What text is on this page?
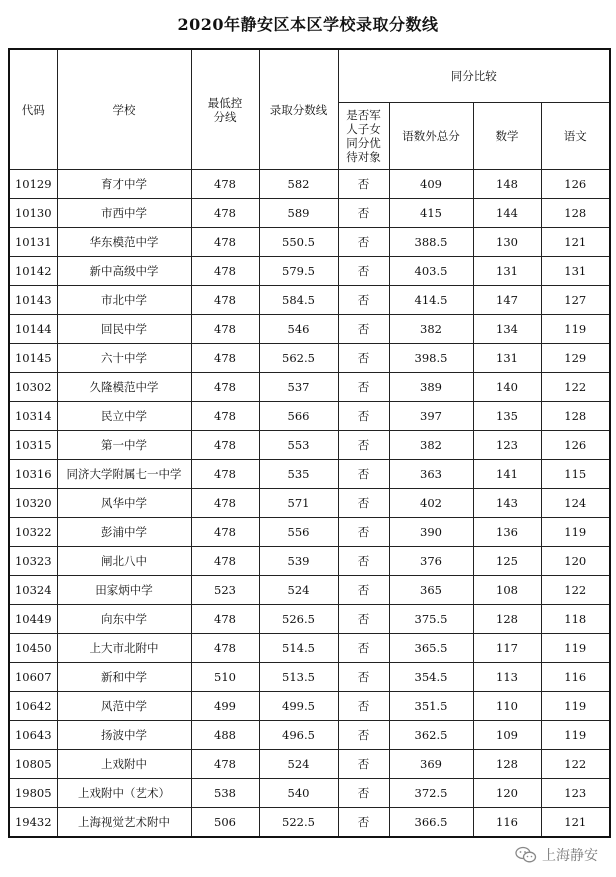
2020年静安区本区学校录取分数线
代码	学校	最低控分线	录取分数线	同分比较			
				是否军人子女同分优待对象	语数外总分	数学	语文
10129	育才中学	478	582	否	409	148	126
10130	市西中学	478	589	否	415	144	128
10131	华东模范中学	478	550.5	否	388.5	130	121
10142	新中高级中学	478	579.5	否	403.5	131	131
10143	市北中学	478	584.5	否	414.5	147	127
10144	回民中学	478	546	否	382	134	119
10145	六十中学	478	562.5	否	398.5	131	129
10302	久隆模范中学	478	537	否	389	140	122
10314	民立中学	478	566	否	397	135	128
10315	第一中学	478	553	否	382	123	126
10316	同济大学附属七一中学	478	535	否	363	141	115
10320	风华中学	478	571	否	402	143	124
10322	彭浦中学	478	556	否	390	136	119
10323	闸北八中	478	539	否	376	125	120
10324	田家炳中学	523	524	否	365	108	122
10449	向东中学	478	526.5	否	375.5	128	118
10450	上大市北附中	478	514.5	否	365.5	117	119
10607	新和中学	510	513.5	否	354.5	113	116
10642	风范中学	499	499.5	否	351.5	110	119
10643	扬波中学	488	496.5	否	362.5	109	119
10805	上戏附中	478	524	否	369	128	122
19805	上戏附中（艺术）	538	540	否	372.5	120	123
19432	上海视觉艺术附中	506	522.5	否	366.5	116	121
上海静安
